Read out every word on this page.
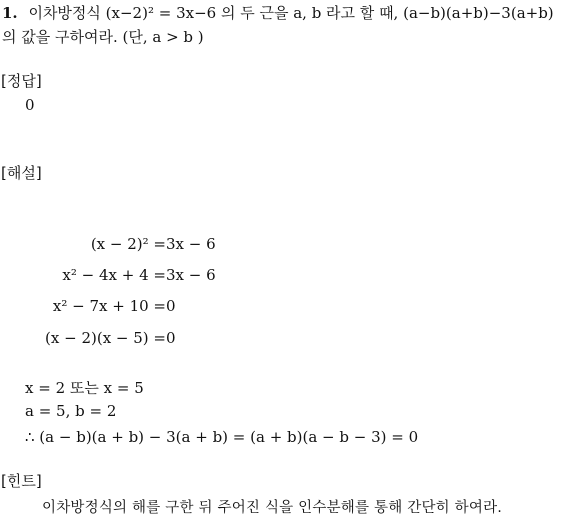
1. 이차방정식 (x−2)² = 3x−6 의 두 근을 a, b 라고 할 때, (a−b)(a+b)−3(a+b)
의 값을 구하여라. (단, a > b )
[정답]
0
[해설]
(x − 2)² = 3x − 6
x² − 4x + 4 = 3x − 6
x² − 7x + 10 = 0
(x − 2)(x − 5) = 0
x = 2 또는 x = 5
a = 5, b = 2
∴ (a − b)(a + b) − 3(a + b) = (a + b)(a − b − 3) = 0
[힌트]
이차방정식의 해를 구한 뒤 주어진 식을 인수분해를 통해 간단히 하여라.
